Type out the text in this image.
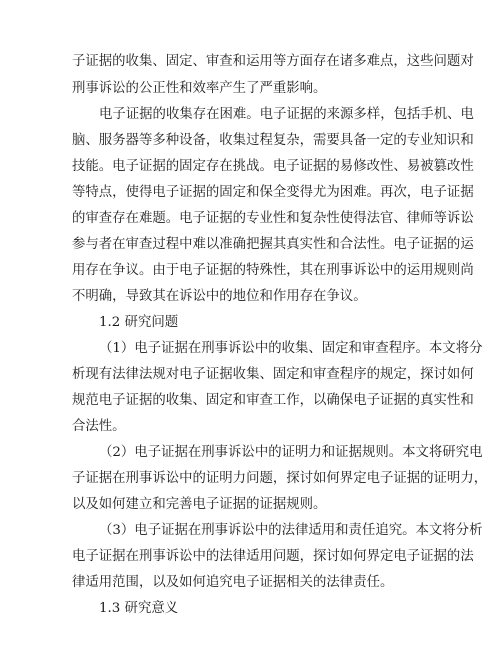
子证据的收集、固定、审查和运用等方面存在诸多难点，这些问题对
刑事诉讼的公正性和效率产生了严重影响。
电子证据的收集存在困难。电子证据的来源多样，包括手机、电
脑、服务器等多种设备，收集过程复杂，需要具备一定的专业知识和
技能。电子证据的固定存在挑战。电子证据的易修改性、易被篡改性
等特点，使得电子证据的固定和保全变得尤为困难。再次，电子证据
的审查存在难题。电子证据的专业性和复杂性使得法官、律师等诉讼
参与者在审查过程中难以准确把握其真实性和合法性。电子证据的运
用存在争议。由于电子证据的特殊性，其在刑事诉讼中的运用规则尚
不明确，导致其在诉讼中的地位和作用存在争议。
1.2 研究问题
（1）电子证据在刑事诉讼中的收集、固定和审查程序。本文将分
析现有法律法规对电子证据收集、固定和审查程序的规定，探讨如何
规范电子证据的收集、固定和审查工作，以确保电子证据的真实性和
合法性。
（2）电子证据在刑事诉讼中的证明力和证据规则。本文将研究电
子证据在刑事诉讼中的证明力问题，探讨如何界定电子证据的证明力，
以及如何建立和完善电子证据的证据规则。
（3）电子证据在刑事诉讼中的法律适用和责任追究。本文将分析
电子证据在刑事诉讼中的法律适用问题，探讨如何界定电子证据的法
律适用范围，以及如何追究电子证据相关的法律责任。
1.3 研究意义
